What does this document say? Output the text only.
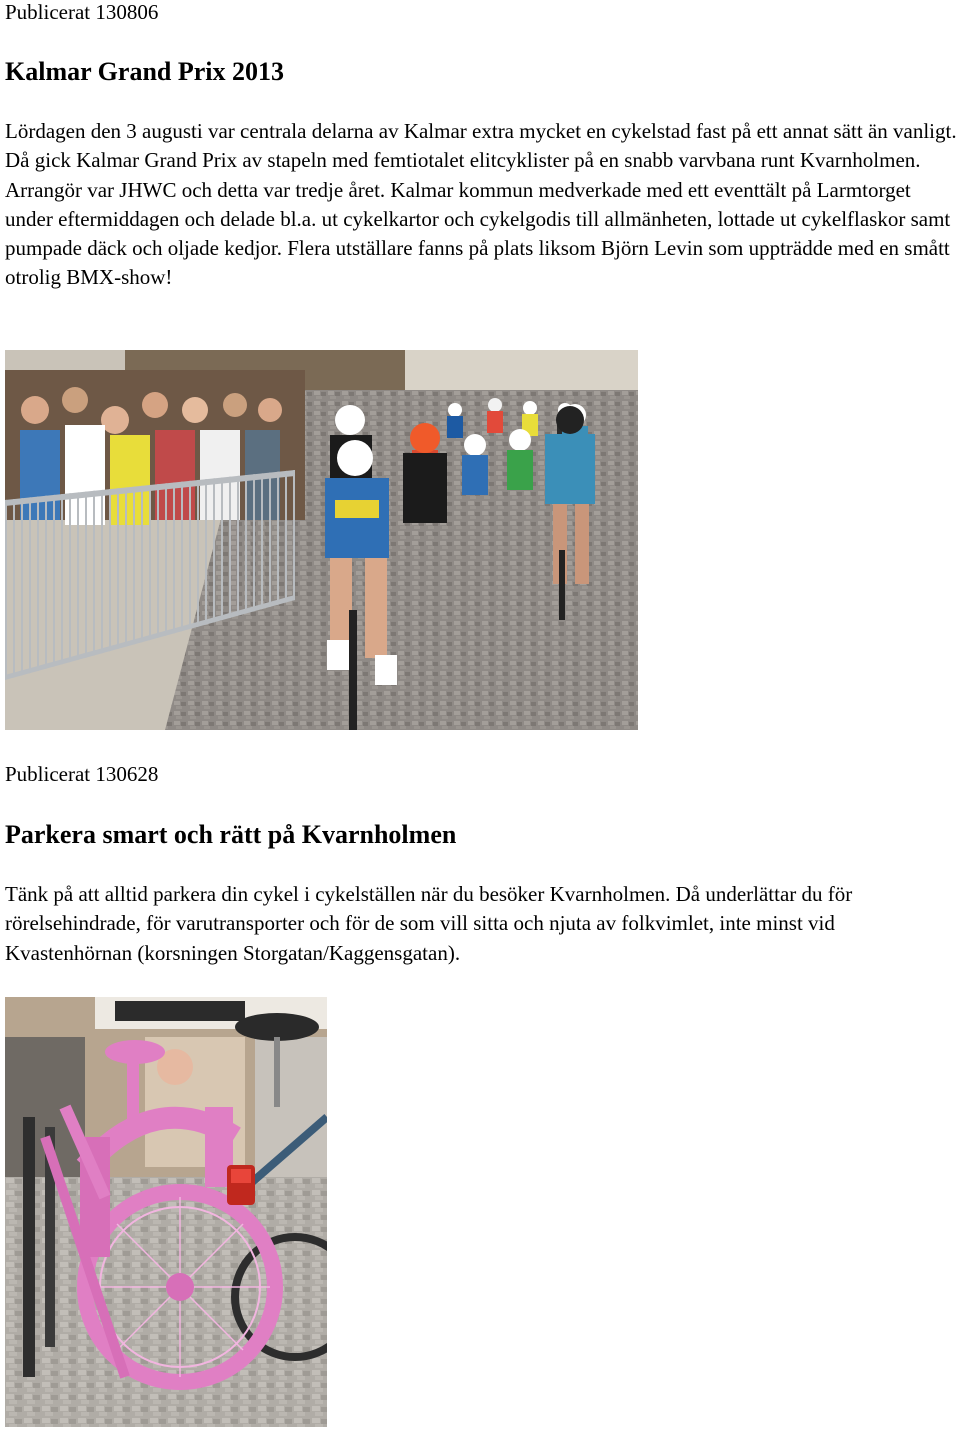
Publicerat 130806

Kalmar Grand Prix 2013

Lördagen den 3 augusti var centrala delarna av Kalmar extra mycket en cykelstad fast på ett annat sätt än vanligt. Då gick Kalmar Grand Prix av stapeln med femtiotalet elitcyklister på en snabb varvbana runt Kvarnholmen. Arrangör var JHWC och detta var tredje året. Kalmar kommun medverkade med ett eventtält på Larmtorget under eftermiddagen och delade bl.a. ut cykelkartor och cykelgodis till allmänheten, lottade ut cykelflaskor samt pumpade däck och oljade kedjor. Flera utställare fanns på plats liksom Björn Levin som uppträdde med en smått otrolig BMX-show!

Publicerat 130628

Parkera smart och rätt på Kvarnholmen

Tänk på att alltid parkera din cykel i cykelställen när du besöker Kvarnholmen. Då underlättar du för rörelsehindrade, för varutransporter och för de som vill sitta och njuta av folkvimlet, inte minst vid Kvastenhörnan (korsningen Storgatan/Kaggensgatan).
